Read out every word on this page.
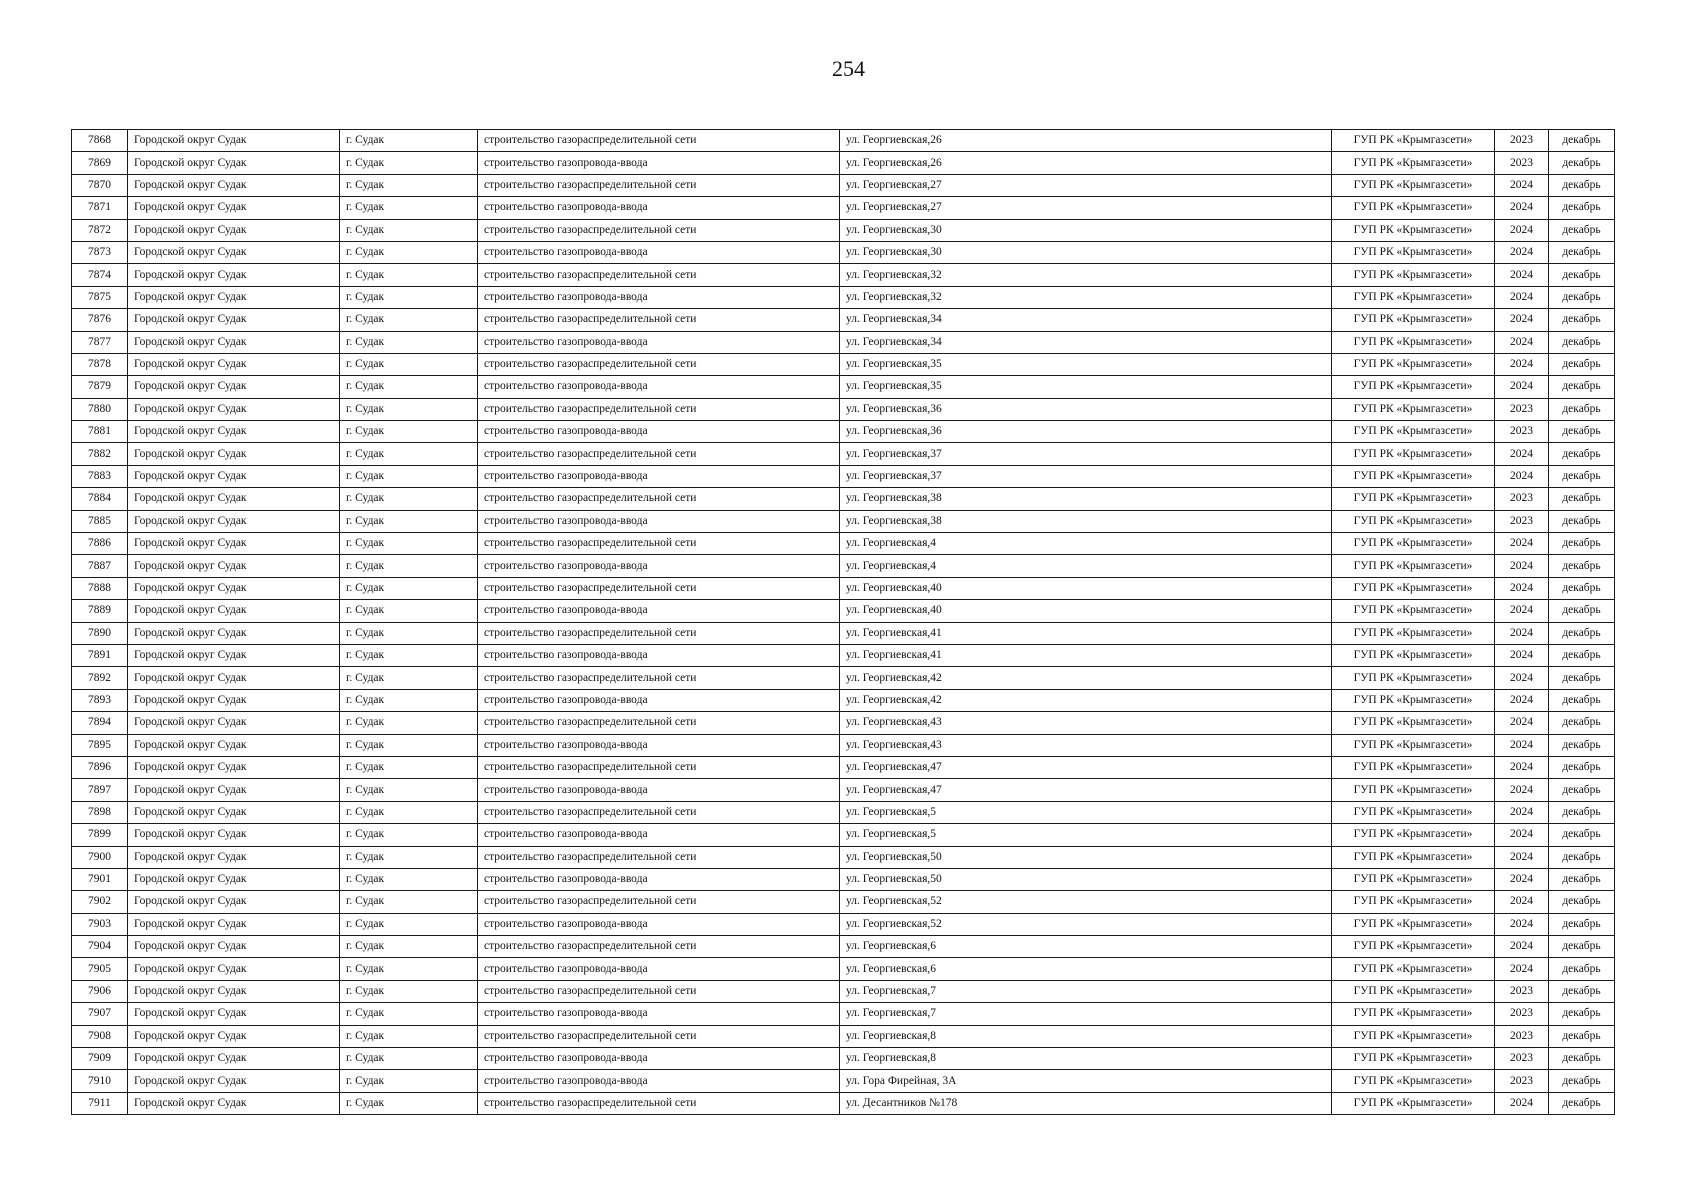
254
7868	Городской округ Судак	г. Судак	строительство газораспределительной сети	ул. Георгиевская,26	ГУП РК «Крымгазсети»	2023	декабрь
7869	Городской округ Судак	г. Судак	строительство газопровода-ввода	ул. Георгиевская,26	ГУП РК «Крымгазсети»	2023	декабрь
7870	Городской округ Судак	г. Судак	строительство газораспределительной сети	ул. Георгиевская,27	ГУП РК «Крымгазсети»	2024	декабрь
7871	Городской округ Судак	г. Судак	строительство газопровода-ввода	ул. Георгиевская,27	ГУП РК «Крымгазсети»	2024	декабрь
7872	Городской округ Судак	г. Судак	строительство газораспределительной сети	ул. Георгиевская,30	ГУП РК «Крымгазсети»	2024	декабрь
7873	Городской округ Судак	г. Судак	строительство газопровода-ввода	ул. Георгиевская,30	ГУП РК «Крымгазсети»	2024	декабрь
7874	Городской округ Судак	г. Судак	строительство газораспределительной сети	ул. Георгиевская,32	ГУП РК «Крымгазсети»	2024	декабрь
7875	Городской округ Судак	г. Судак	строительство газопровода-ввода	ул. Георгиевская,32	ГУП РК «Крымгазсети»	2024	декабрь
7876	Городской округ Судак	г. Судак	строительство газораспределительной сети	ул. Георгиевская,34	ГУП РК «Крымгазсети»	2024	декабрь
7877	Городской округ Судак	г. Судак	строительство газопровода-ввода	ул. Георгиевская,34	ГУП РК «Крымгазсети»	2024	декабрь
7878	Городской округ Судак	г. Судак	строительство газораспределительной сети	ул. Георгиевская,35	ГУП РК «Крымгазсети»	2024	декабрь
7879	Городской округ Судак	г. Судак	строительство газопровода-ввода	ул. Георгиевская,35	ГУП РК «Крымгазсети»	2024	декабрь
7880	Городской округ Судак	г. Судак	строительство газораспределительной сети	ул. Георгиевская,36	ГУП РК «Крымгазсети»	2023	декабрь
7881	Городской округ Судак	г. Судак	строительство газопровода-ввода	ул. Георгиевская,36	ГУП РК «Крымгазсети»	2023	декабрь
7882	Городской округ Судак	г. Судак	строительство газораспределительной сети	ул. Георгиевская,37	ГУП РК «Крымгазсети»	2024	декабрь
7883	Городской округ Судак	г. Судак	строительство газопровода-ввода	ул. Георгиевская,37	ГУП РК «Крымгазсети»	2024	декабрь
7884	Городской округ Судак	г. Судак	строительство газораспределительной сети	ул. Георгиевская,38	ГУП РК «Крымгазсети»	2023	декабрь
7885	Городской округ Судак	г. Судак	строительство газопровода-ввода	ул. Георгиевская,38	ГУП РК «Крымгазсети»	2023	декабрь
7886	Городской округ Судак	г. Судак	строительство газораспределительной сети	ул. Георгиевская,4	ГУП РК «Крымгазсети»	2024	декабрь
7887	Городской округ Судак	г. Судак	строительство газопровода-ввода	ул. Георгиевская,4	ГУП РК «Крымгазсети»	2024	декабрь
7888	Городской округ Судак	г. Судак	строительство газораспределительной сети	ул. Георгиевская,40	ГУП РК «Крымгазсети»	2024	декабрь
7889	Городской округ Судак	г. Судак	строительство газопровода-ввода	ул. Георгиевская,40	ГУП РК «Крымгазсети»	2024	декабрь
7890	Городской округ Судак	г. Судак	строительство газораспределительной сети	ул. Георгиевская,41	ГУП РК «Крымгазсети»	2024	декабрь
7891	Городской округ Судак	г. Судак	строительство газопровода-ввода	ул. Георгиевская,41	ГУП РК «Крымгазсети»	2024	декабрь
7892	Городской округ Судак	г. Судак	строительство газораспределительной сети	ул. Георгиевская,42	ГУП РК «Крымгазсети»	2024	декабрь
7893	Городской округ Судак	г. Судак	строительство газопровода-ввода	ул. Георгиевская,42	ГУП РК «Крымгазсети»	2024	декабрь
7894	Городской округ Судак	г. Судак	строительство газораспределительной сети	ул. Георгиевская,43	ГУП РК «Крымгазсети»	2024	декабрь
7895	Городской округ Судак	г. Судак	строительство газопровода-ввода	ул. Георгиевская,43	ГУП РК «Крымгазсети»	2024	декабрь
7896	Городской округ Судак	г. Судак	строительство газораспределительной сети	ул. Георгиевская,47	ГУП РК «Крымгазсети»	2024	декабрь
7897	Городской округ Судак	г. Судак	строительство газопровода-ввода	ул. Георгиевская,47	ГУП РК «Крымгазсети»	2024	декабрь
7898	Городской округ Судак	г. Судак	строительство газораспределительной сети	ул. Георгиевская,5	ГУП РК «Крымгазсети»	2024	декабрь
7899	Городской округ Судак	г. Судак	строительство газопровода-ввода	ул. Георгиевская,5	ГУП РК «Крымгазсети»	2024	декабрь
7900	Городской округ Судак	г. Судак	строительство газораспределительной сети	ул. Георгиевская,50	ГУП РК «Крымгазсети»	2024	декабрь
7901	Городской округ Судак	г. Судак	строительство газопровода-ввода	ул. Георгиевская,50	ГУП РК «Крымгазсети»	2024	декабрь
7902	Городской округ Судак	г. Судак	строительство газораспределительной сети	ул. Георгиевская,52	ГУП РК «Крымгазсети»	2024	декабрь
7903	Городской округ Судак	г. Судак	строительство газопровода-ввода	ул. Георгиевская,52	ГУП РК «Крымгазсети»	2024	декабрь
7904	Городской округ Судак	г. Судак	строительство газораспределительной сети	ул. Георгиевская,6	ГУП РК «Крымгазсети»	2024	декабрь
7905	Городской округ Судак	г. Судак	строительство газопровода-ввода	ул. Георгиевская,6	ГУП РК «Крымгазсети»	2024	декабрь
7906	Городской округ Судак	г. Судак	строительство газораспределительной сети	ул. Георгиевская,7	ГУП РК «Крымгазсети»	2023	декабрь
7907	Городской округ Судак	г. Судак	строительство газопровода-ввода	ул. Георгиевская,7	ГУП РК «Крымгазсети»	2023	декабрь
7908	Городской округ Судак	г. Судак	строительство газораспределительной сети	ул. Георгиевская,8	ГУП РК «Крымгазсети»	2023	декабрь
7909	Городской округ Судак	г. Судак	строительство газопровода-ввода	ул. Георгиевская,8	ГУП РК «Крымгазсети»	2023	декабрь
7910	Городской округ Судак	г. Судак	строительство газопровода-ввода	ул. Гора Фирейная, 3А	ГУП РК «Крымгазсети»	2023	декабрь
7911	Городской округ Судак	г. Судак	строительство газораспределительной сети	ул. Десантников №178	ГУП РК «Крымгазсети»	2024	декабрь
